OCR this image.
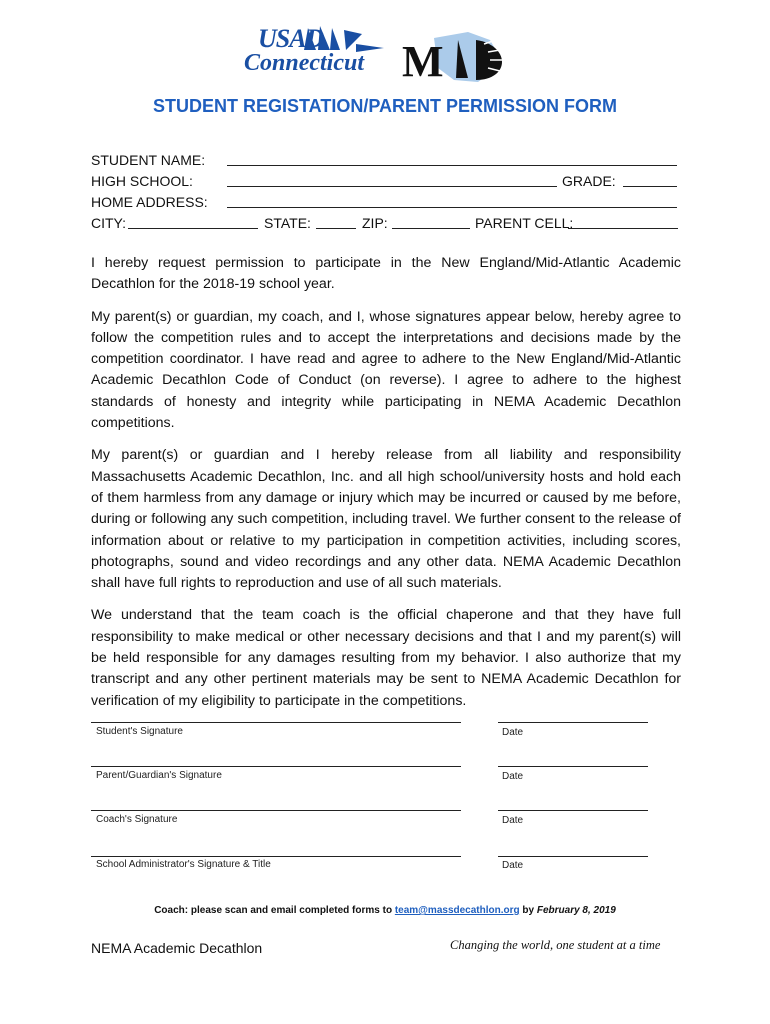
USAD
Connecticut M
STUDENT REGISTATION/PARENT PERMISSION FORM
STUDENT NAME:
HIGH SCHOOL:	GRADE:
HOME ADDRESS:
CITY:	STATE:	ZIP:	PARENT CELL:

I hereby request permission to participate in the New England/Mid-Atlantic Academic Decathlon for the 2018-19 school year.

My parent(s) or guardian, my coach, and I, whose signatures appear below, hereby agree to follow the competition rules and to accept the interpretations and decisions made by the competition coordinator. I have read and agree to adhere to the New England/Mid-Atlantic Academic Decathlon Code of Conduct (on reverse). I agree to adhere to the highest standards of honesty and integrity while participating in NEMA Academic Decathlon competitions.

My parent(s) or guardian and I hereby release from all liability and responsibility Massachusetts Academic Decathlon, Inc. and all high school/university hosts and hold each of them harmless from any damage or injury which may be incurred or caused by me before, during or following any such competition, including travel. We further consent to the release of information about or relative to my participation in competition activities, including scores, photographs, sound and video recordings and any other data. NEMA Academic Decathlon shall have full rights to reproduction and use of all such materials.

We understand that the team coach is the official chaperone and that they have full responsibility to make medical or other necessary decisions and that I and my parent(s) will be held responsible for any damages resulting from my behavior. I also authorize that my transcript and any other pertinent materials may be sent to NEMA Academic Decathlon for verification of my eligibility to participate in the competitions.

Student's Signature	Date
Parent/Guardian's Signature	Date
Coach's Signature	Date
School Administrator's Signature & Title	Date
Coach: please scan and email completed forms to team@massdecathlon.org by February 8, 2019
NEMA Academic Decathlon	Changing the world, one student at a time
